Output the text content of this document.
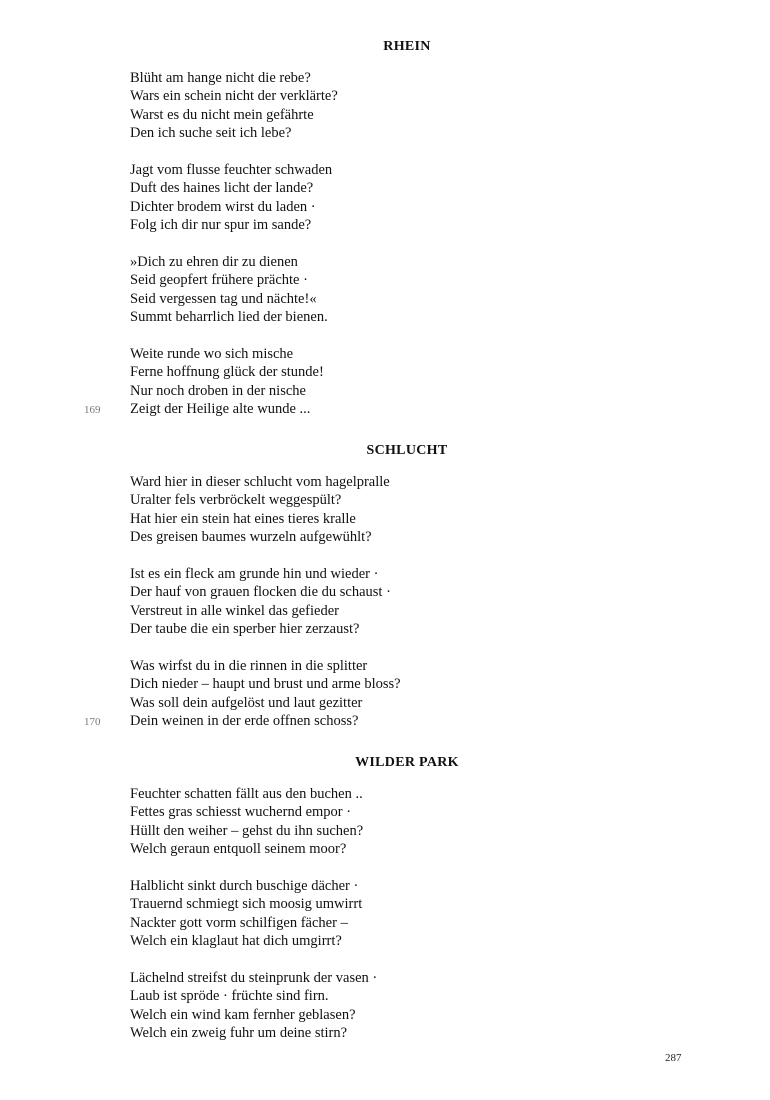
RHEIN
Blüht am hange nicht die rebe?
Wars ein schein nicht der verklärte?
Warst es du nicht mein gefährte
Den ich suche seit ich lebe?
Jagt vom flusse feuchter schwaden
Duft des haines licht der lande?
Dichter brodem wirst du laden ·
Folg ich dir nur spur im sande?
»Dich zu ehren dir zu dienen
Seid geopfert frühere prächte ·
Seid vergessen tag und nächte!«
Summt beharrlich lied der bienen.
Weite runde wo sich mische
Ferne hoffnung glück der stunde!
Nur noch droben in der nische
Zeigt der Heilige alte wunde ...
169
SCHLUCHT
Ward hier in dieser schlucht vom hagelpralle
Uralter fels verbröckelt weggespült?
Hat hier ein stein hat eines tieres kralle
Des greisen baumes wurzeln aufgewühlt?
Ist es ein fleck am grunde hin und wieder ·
Der hauf von grauen flocken die du schaust ·
Verstreut in alle winkel das gefieder
Der taube die ein sperber hier zerzaust?
Was wirfst du in die rinnen in die splitter
Dich nieder – haupt und brust und arme bloss?
Was soll dein aufgelöst und laut gezitter
Dein weinen in der erde offnen schoss?
170
WILDER PARK
Feuchter schatten fällt aus den buchen ..
Fettes gras schiesst wuchernd empor ·
Hüllt den weiher – gehst du ihn suchen?
Welch geraun entquoll seinem moor?
Halblicht sinkt durch buschige dächer ·
Trauernd schmiegt sich moosig umwirrt
Nackter gott vorm schilfigen fächer –
Welch ein klaglaut hat dich umgirrt?
Lächelnd streifst du steinprunk der vasen ·
Laub ist spröde · früchte sind firn.
Welch ein wind kam fernher geblasen?
Welch ein zweig fuhr um deine stirn?
287
